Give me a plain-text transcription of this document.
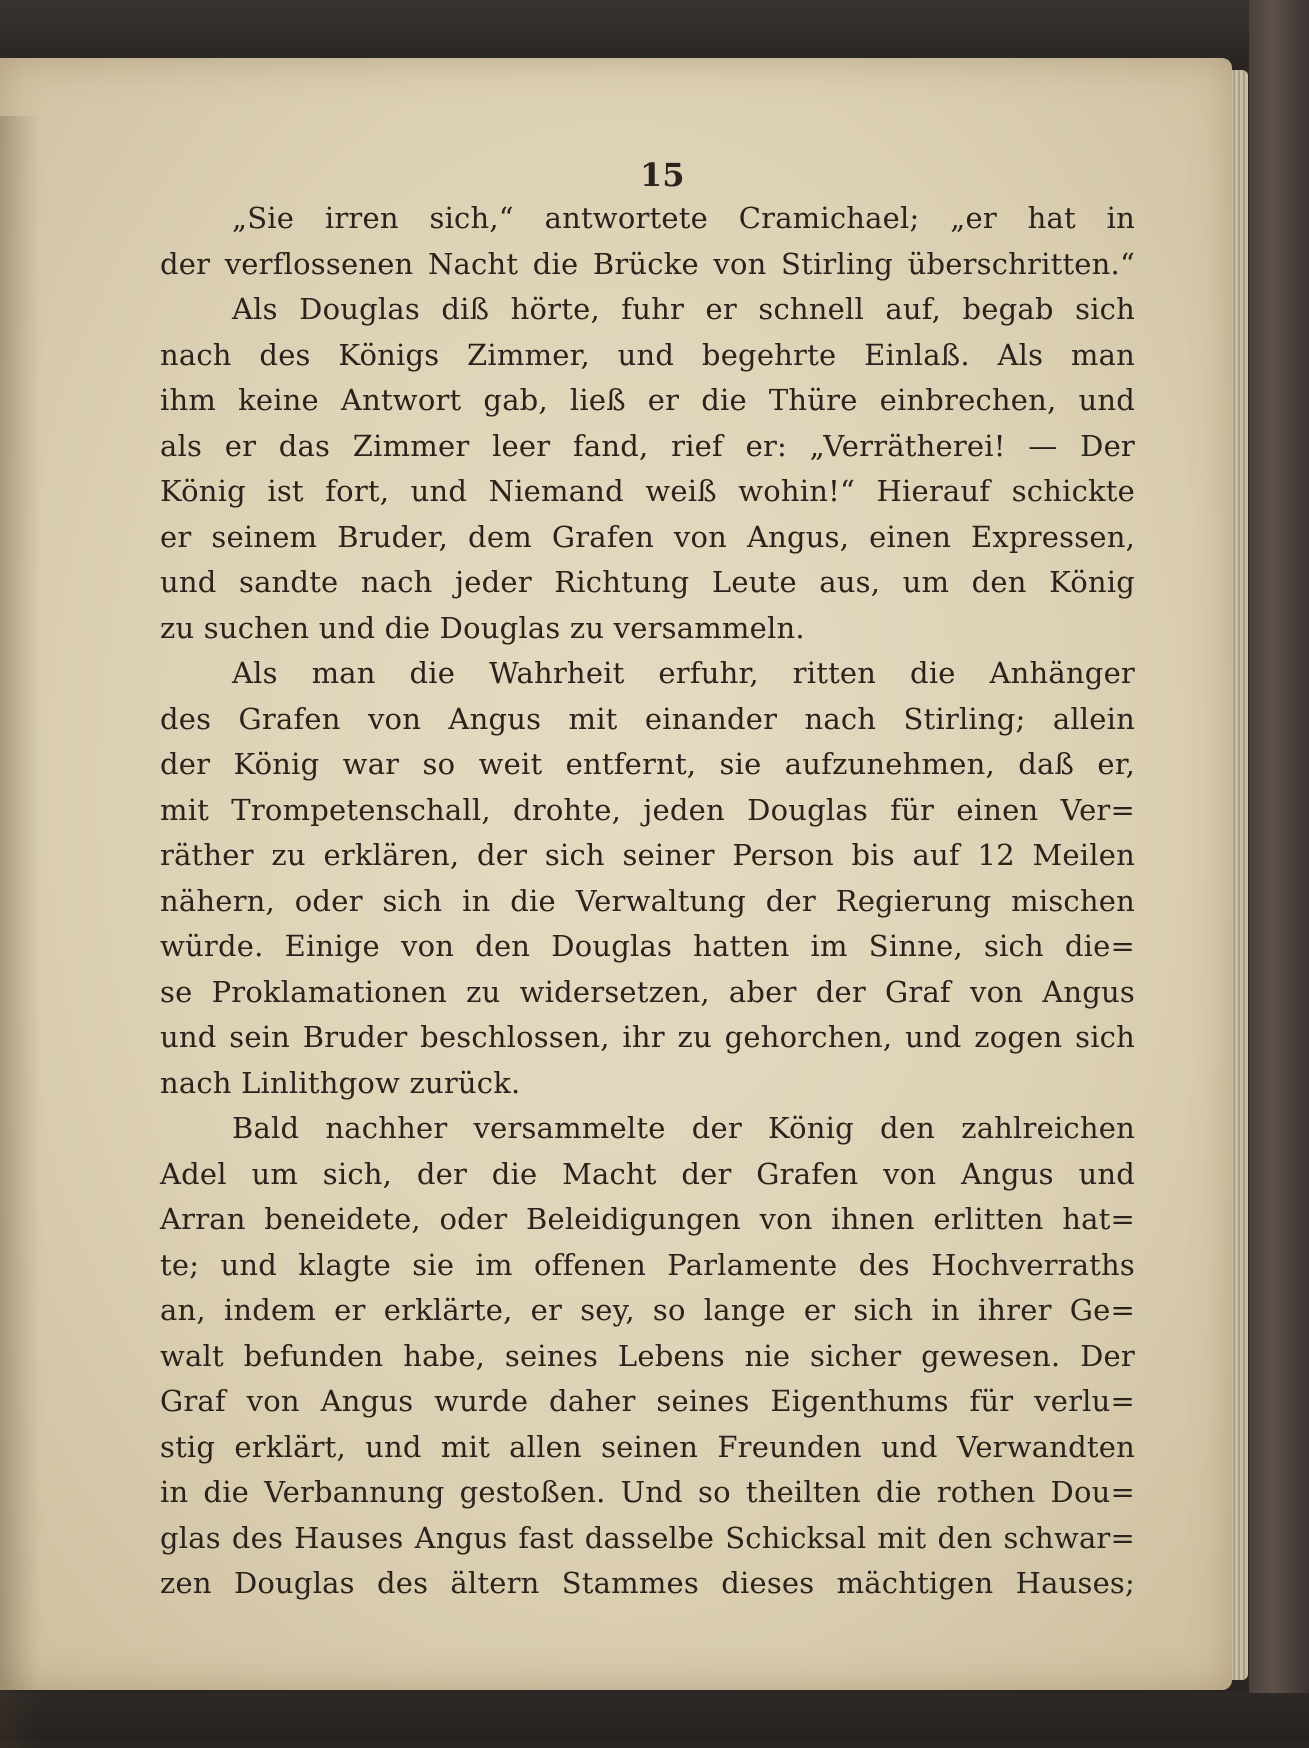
15
„Sie irren sich,“ antwortete Cramichael; „er hat in
der verflossenen Nacht die Brücke von Stirling überschritten.“
Als Douglas diß hörte, fuhr er schnell auf, begab sich
nach des Königs Zimmer, und begehrte Einlaß. Als man
ihm keine Antwort gab, ließ er die Thüre einbrechen, und
als er das Zimmer leer fand, rief er: „Verrätherei! — Der
König ist fort, und Niemand weiß wohin!“ Hierauf schickte
er seinem Bruder, dem Grafen von Angus, einen Expressen,
und sandte nach jeder Richtung Leute aus, um den König
zu suchen und die Douglas zu versammeln.
Als man die Wahrheit erfuhr, ritten die Anhänger
des Grafen von Angus mit einander nach Stirling; allein
der König war so weit entfernt, sie aufzunehmen, daß er,
mit Trompetenschall, drohte, jeden Douglas für einen Ver=
räther zu erklären, der sich seiner Person bis auf 12 Meilen
nähern, oder sich in die Verwaltung der Regierung mischen
würde. Einige von den Douglas hatten im Sinne, sich die=
se Proklamationen zu widersetzen, aber der Graf von Angus
und sein Bruder beschlossen, ihr zu gehorchen, und zogen sich
nach Linlithgow zurück.
Bald nachher versammelte der König den zahlreichen
Adel um sich, der die Macht der Grafen von Angus und
Arran beneidete, oder Beleidigungen von ihnen erlitten hat=
te; und klagte sie im offenen Parlamente des Hochverraths
an, indem er erklärte, er sey, so lange er sich in ihrer Ge=
walt befunden habe, seines Lebens nie sicher gewesen. Der
Graf von Angus wurde daher seines Eigenthums für verlu=
stig erklärt, und mit allen seinen Freunden und Verwandten
in die Verbannung gestoßen. Und so theilten die rothen Dou=
glas des Hauses Angus fast dasselbe Schicksal mit den schwar=
zen Douglas des ältern Stammes dieses mächtigen Hauses;
